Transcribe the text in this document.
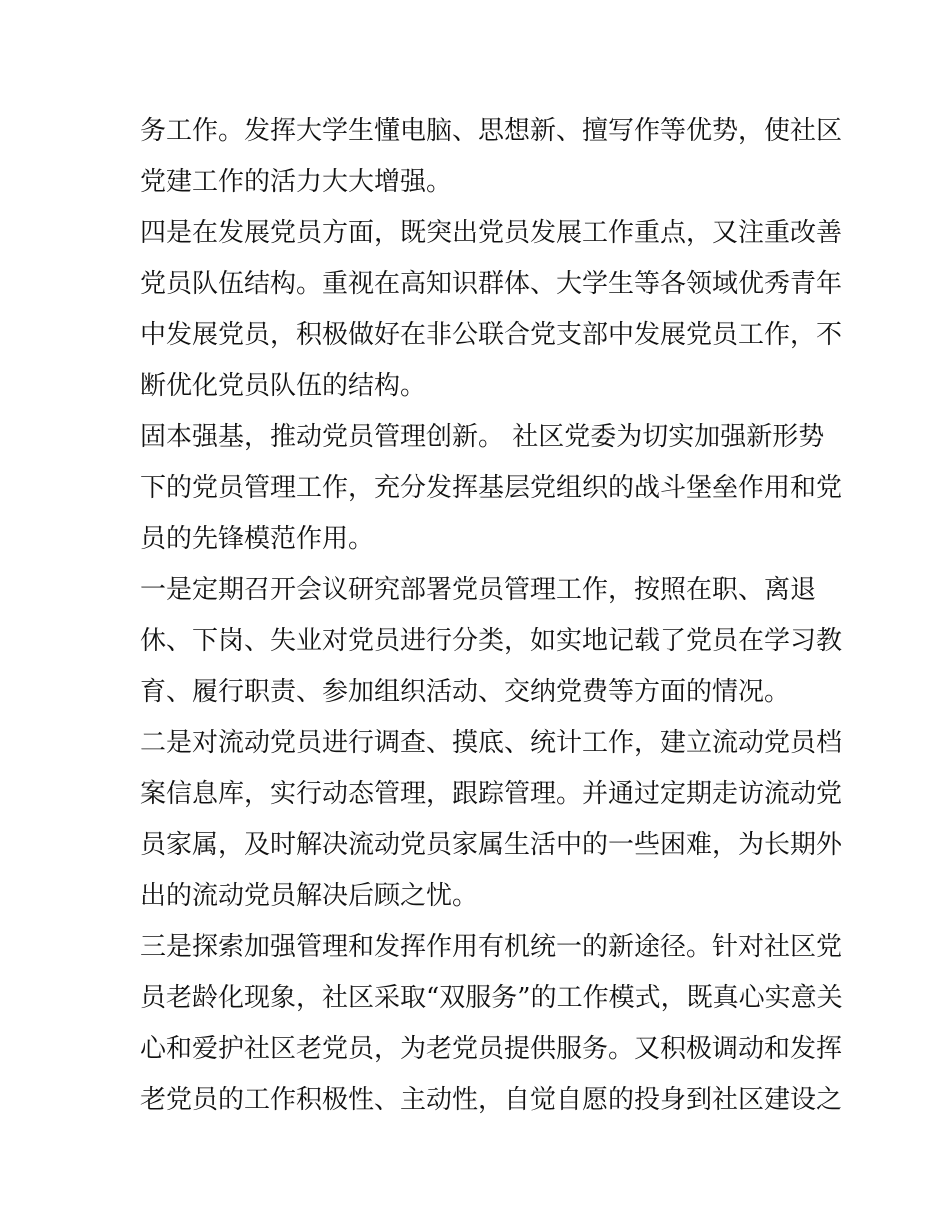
务工作。发挥大学生懂电脑、思想新、擅写作等优势，使社区
党建工作的活力大大增强。

四是在发展党员方面，既突出党员发展工作重点，又注重改善
党员队伍结构。重视在高知识群体、大学生等各领域优秀青年
中发展党员，积极做好在非公联合党支部中发展党员工作，不
断优化党员队伍的结构。

固本强基，推动党员管理创新。 社区党委为切实加强新形势
下的党员管理工作，充分发挥基层党组织的战斗堡垒作用和党
员的先锋模范作用。

一是定期召开会议研究部署党员管理工作，按照在职、离退
休、下岗、失业对党员进行分类，如实地记载了党员在学习教
育、履行职责、参加组织活动、交纳党费等方面的情况。

二是对流动党员进行调查、摸底、统计工作，建立流动党员档
案信息库，实行动态管理，跟踪管理。并通过定期走访流动党
员家属，及时解决流动党员家属生活中的一些困难，为长期外
出的流动党员解决后顾之忧。

三是探索加强管理和发挥作用有机统一的新途径。针对社区党
员老龄化现象，社区采取“双服务”的工作模式，既真心实意关
心和爱护社区老党员，为老党员提供服务。又积极调动和发挥
老党员的工作积极性、主动性，自觉自愿的投身到社区建设之
